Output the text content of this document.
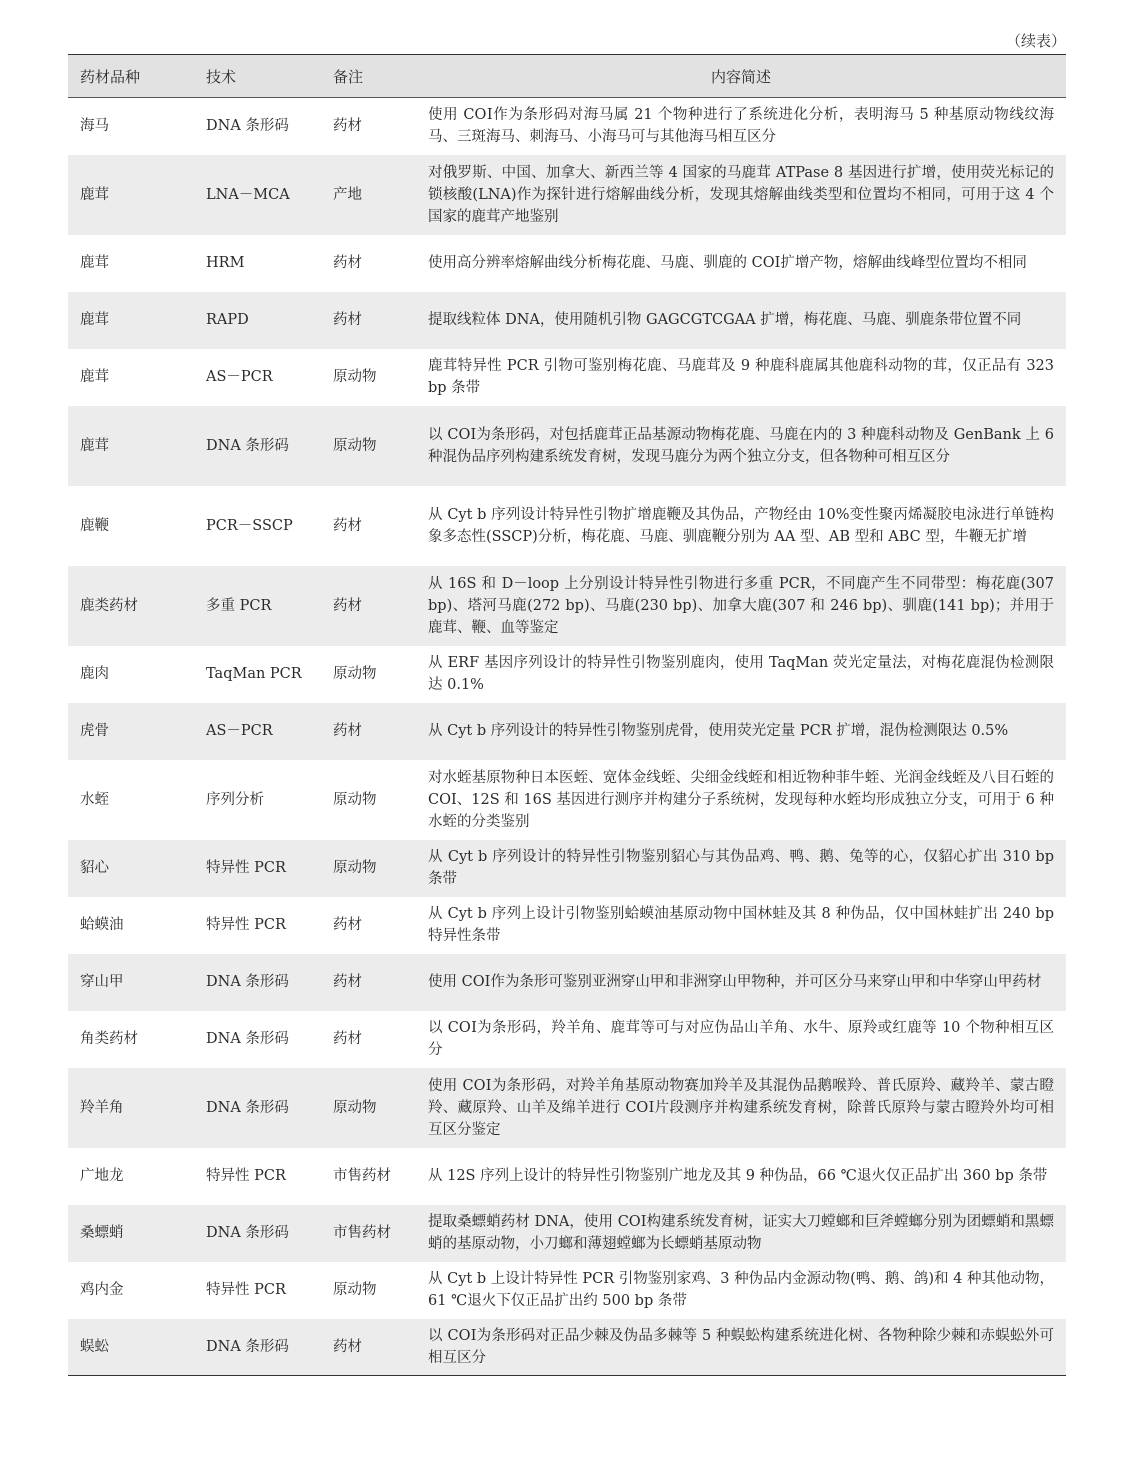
（续表）
药材品种	技术	备注	内容简述
海马	DNA 条形码	药材	使用 COⅠ作为条形码对海马属 21 个物种进行了系统进化分析，表明海马 5 种基原动物线纹海马、三斑海马、刺海马、小海马可与其他海马相互区分
鹿茸	LNA－MCA	产地	对俄罗斯、中国、加拿大、新西兰等 4 国家的马鹿茸 ATPase 8 基因进行扩增，使用荧光标记的锁核酸(LNA)作为探针进行熔解曲线分析，发现其熔解曲线类型和位置均不相同，可用于这 4 个国家的鹿茸产地鉴别
鹿茸	HRM	药材	使用高分辨率熔解曲线分析梅花鹿、马鹿、驯鹿的 COⅠ扩增产物，熔解曲线峰型位置均不相同
鹿茸	RAPD	药材	提取线粒体 DNA，使用随机引物 GAGCGTCGAA 扩增，梅花鹿、马鹿、驯鹿条带位置不同
鹿茸	AS－PCR	原动物	鹿茸特异性 PCR 引物可鉴别梅花鹿、马鹿茸及 9 种鹿科鹿属其他鹿科动物的茸，仅正品有 323 bp 条带
鹿茸	DNA 条形码	原动物	以 COⅠ为条形码，对包括鹿茸正品基源动物梅花鹿、马鹿在内的 3 种鹿科动物及 GenBank 上 6 种混伪品序列构建系统发育树，发现马鹿分为两个独立分支，但各物种可相互区分
鹿鞭	PCR－SSCP	药材	从 Cyt b 序列设计特异性引物扩增鹿鞭及其伪品，产物经由 10%变性聚丙烯凝胶电泳进行单链构象多态性(SSCP)分析，梅花鹿、马鹿、驯鹿鞭分别为 AA 型、AB 型和 ABC 型，牛鞭无扩增
鹿类药材	多重 PCR	药材	从 16S 和 D－loop 上分别设计特异性引物进行多重 PCR，不同鹿产生不同带型：梅花鹿(307 bp)、塔河马鹿(272 bp)、马鹿(230 bp)、加拿大鹿(307 和 246 bp)、驯鹿(141 bp)；并用于鹿茸、鞭、血等鉴定
鹿肉	TaqMan PCR	原动物	从 ERF 基因序列设计的特异性引物鉴别鹿肉，使用 TaqMan 荧光定量法，对梅花鹿混伪检测限达 0.1%
虎骨	AS－PCR	药材	从 Cyt b 序列设计的特异性引物鉴别虎骨，使用荧光定量 PCR 扩增，混伪检测限达 0.5%
水蛭	序列分析	原动物	对水蛭基原物种日本医蛭、宽体金线蛭、尖细金线蛭和相近物种菲牛蛭、光润金线蛭及八目石蛭的 COⅠ、12S 和 16S 基因进行测序并构建分子系统树，发现每种水蛭均形成独立分支，可用于 6 种水蛭的分类鉴别
貂心	特异性 PCR	原动物	从 Cyt b 序列设计的特异性引物鉴别貂心与其伪品鸡、鸭、鹅、兔等的心，仅貂心扩出 310 bp 条带
蛤蟆油	特异性 PCR	药材	从 Cyt b 序列上设计引物鉴别蛤蟆油基原动物中国林蛙及其 8 种伪品，仅中国林蛙扩出 240 bp 特异性条带
穿山甲	DNA 条形码	药材	使用 COⅠ作为条形可鉴别亚洲穿山甲和非洲穿山甲物种，并可区分马来穿山甲和中华穿山甲药材
角类药材	DNA 条形码	药材	以 COⅠ为条形码，羚羊角、鹿茸等可与对应伪品山羊角、水牛、原羚或红鹿等 10 个物种相互区分
羚羊角	DNA 条形码	原动物	使用 COⅠ为条形码，对羚羊角基原动物赛加羚羊及其混伪品鹅喉羚、普氏原羚、藏羚羊、蒙古瞪羚、藏原羚、山羊及绵羊进行 COⅠ片段测序并构建系统发育树，除普氏原羚与蒙古瞪羚外均可相互区分鉴定
广地龙	特异性 PCR	市售药材	从 12S 序列上设计的特异性引物鉴别广地龙及其 9 种伪品，66 ℃退火仅正品扩出 360 bp 条带
桑螵蛸	DNA 条形码	市售药材	提取桑螵蛸药材 DNA，使用 COⅠ构建系统发育树，证实大刀螳螂和巨斧螳螂分别为团螵蛸和黑螵蛸的基原动物，小刀螂和薄翅螳螂为长螵蛸基原动物
鸡内金	特异性 PCR	原动物	从 Cyt b 上设计特异性 PCR 引物鉴别家鸡、3 种伪品内金源动物(鸭、鹅、鸽)和 4 种其他动物，61 ℃退火下仅正品扩出约 500 bp 条带
蜈蚣	DNA 条形码	药材	以 COⅠ为条形码对正品少棘及伪品多棘等 5 种蜈蚣构建系统进化树、各物种除少棘和赤蜈蚣外可相互区分
